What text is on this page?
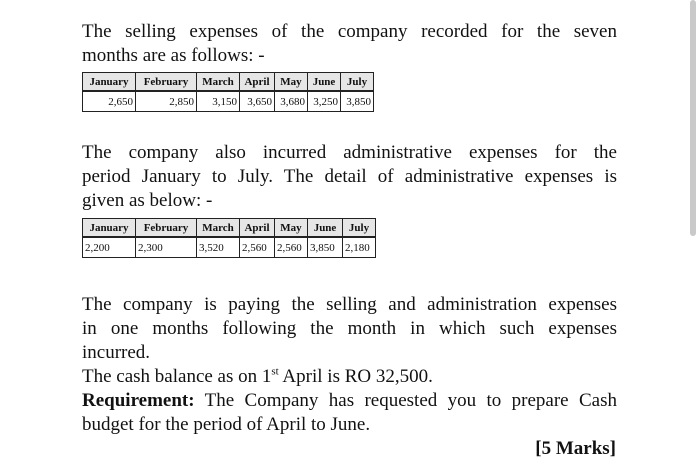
The selling expenses of the company recorded for the seven
months are as follows: -
January	February	March	April	May	June	July
2,650	2,850	3,150	3,650	3,680	3,250	3,850
The company also incurred administrative expenses for the
period January to July. The detail of administrative expenses is
given as below: -
January	February	March	April	May	June	July
2,200	2,300	3,520	2,560	2,560	3,850	2,180
The company is paying the selling and administration expenses
in one months following the month in which such expenses
incurred.
The cash balance as on 1st April is RO 32,500.
Requirement: The Company has requested you to prepare Cash
budget for the period of April to June.
[5 Marks]
